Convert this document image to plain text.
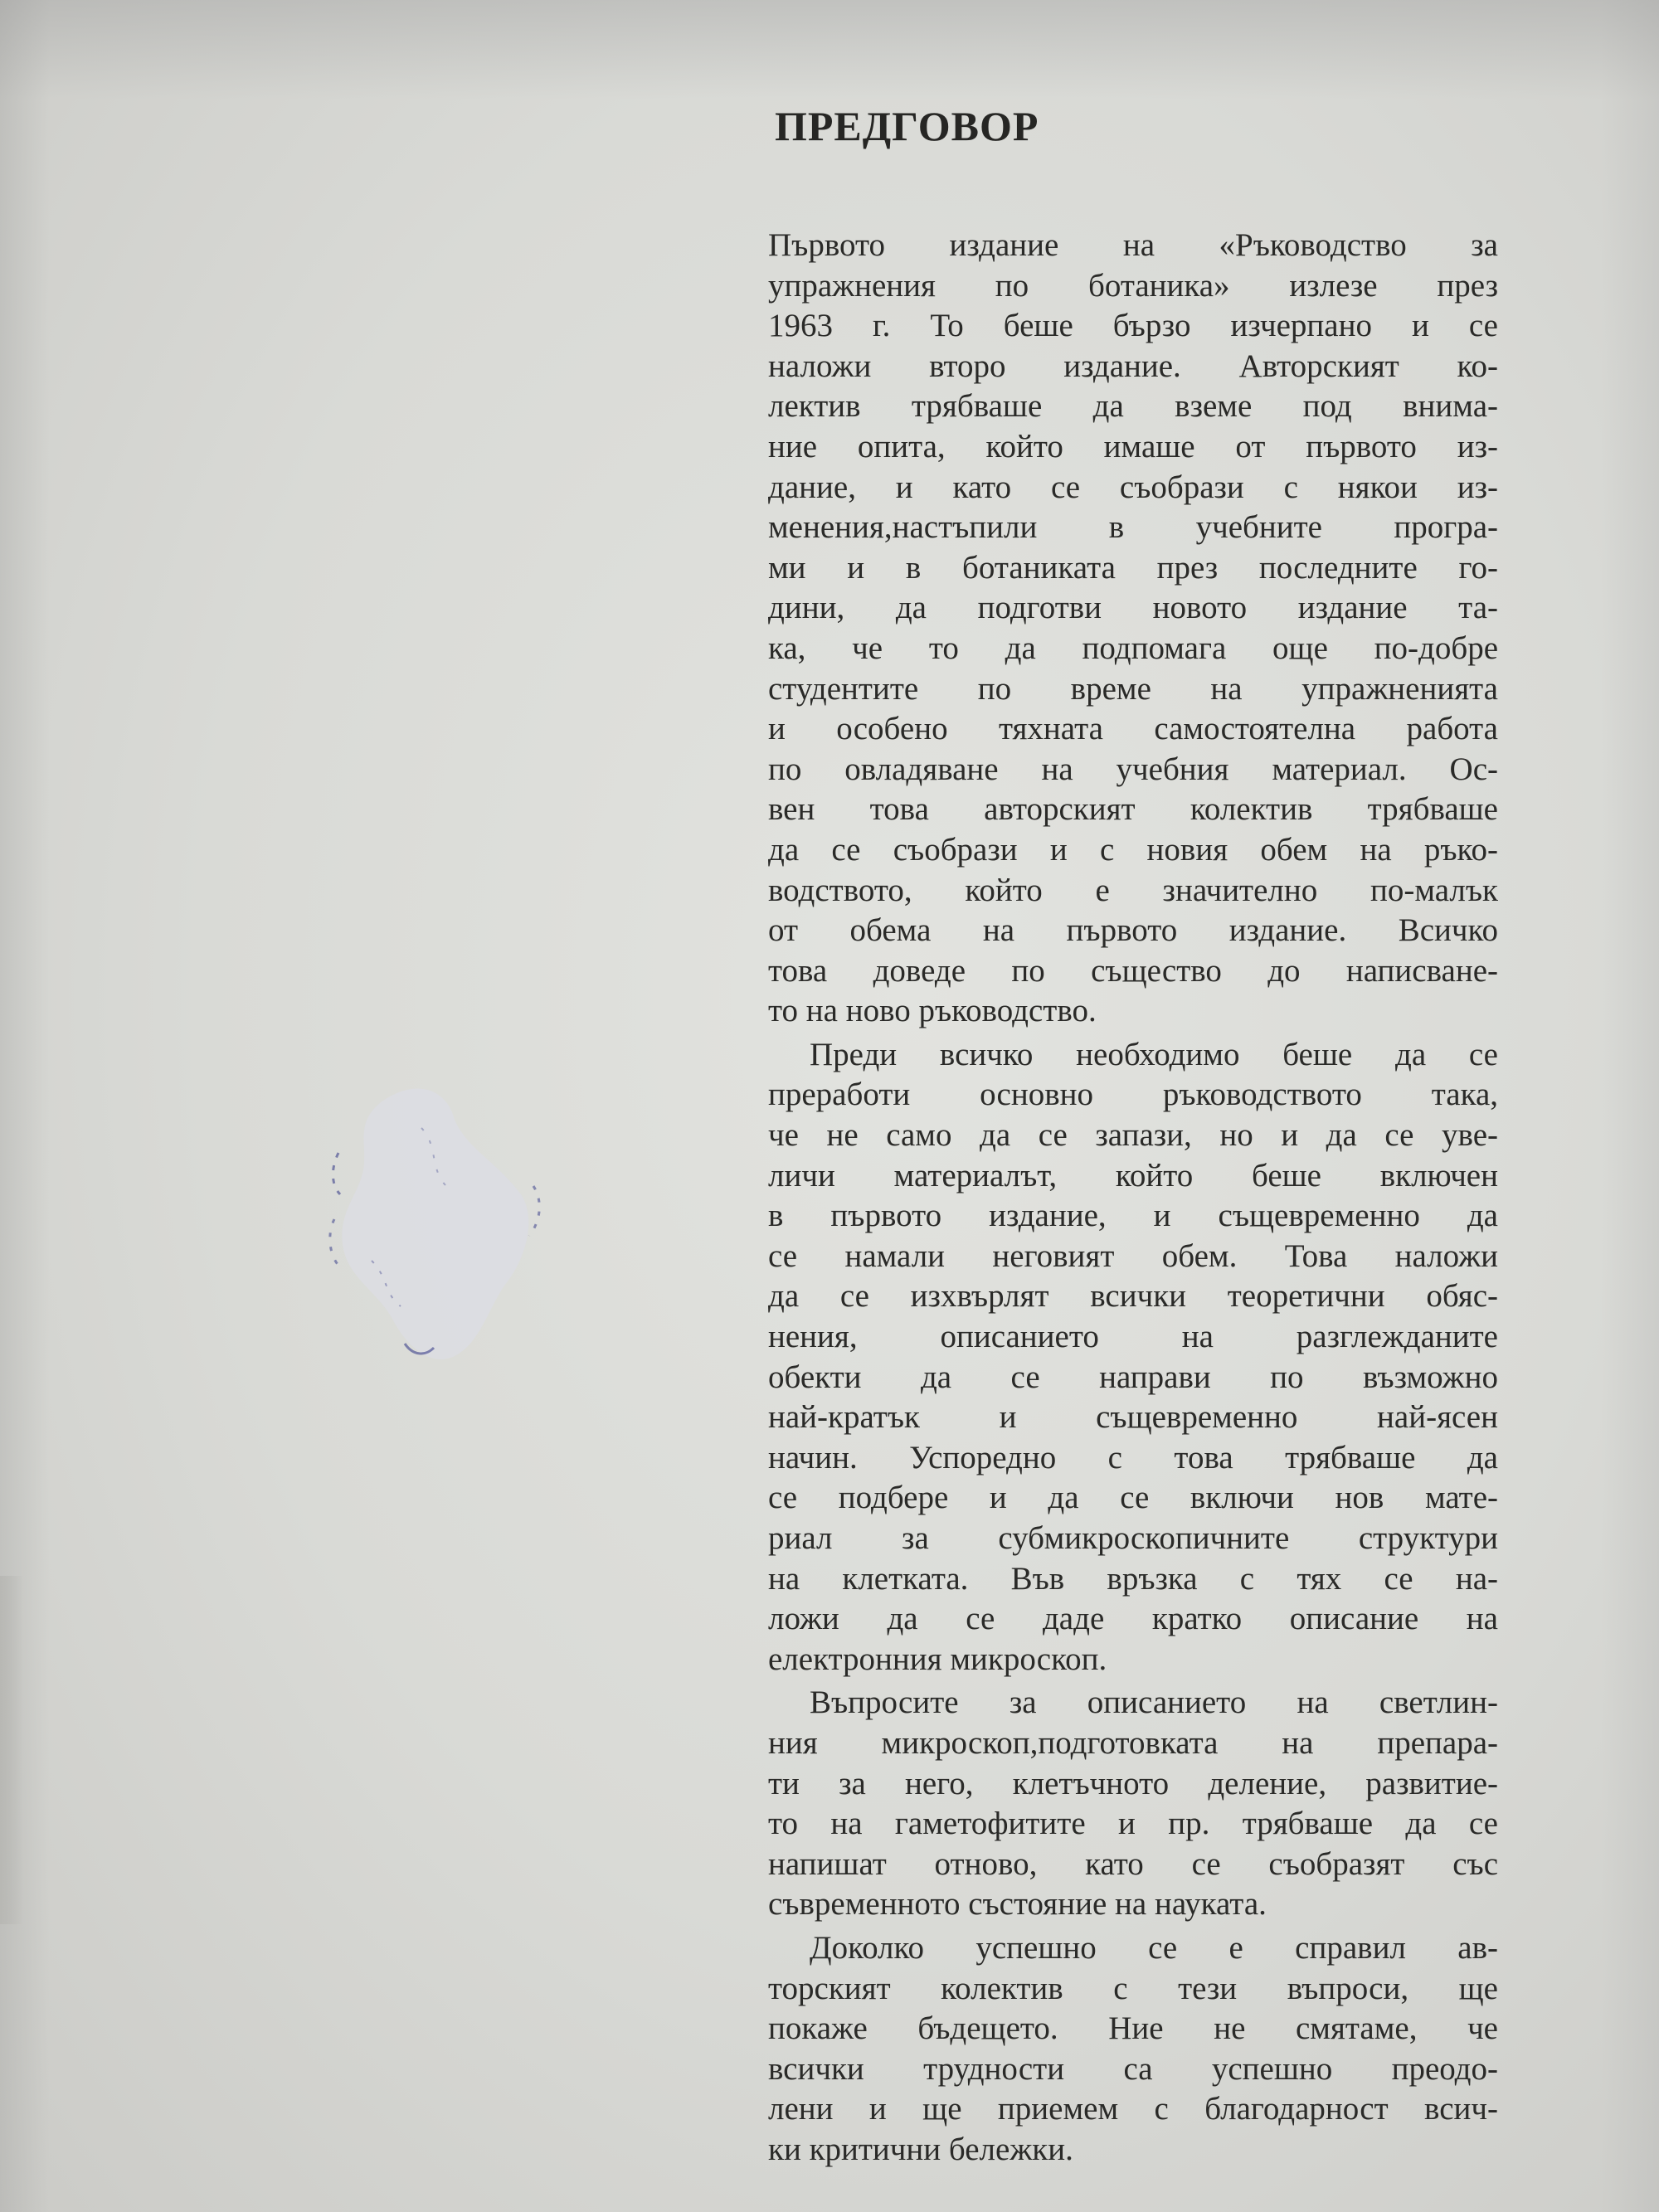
ПРЕДГОВОР

Първото издание на «Ръководство за
упражнения по ботаника» излезе през
1963 г. То беше бързо изчерпано и се
наложи второ издание. Авторският ко-
лектив трябваше да вземе под внима-
ние опита, който имаше от първото из-
дание, и като се съобрази с някои из-
менения,настъпили в учебните програ-
ми и в ботаниката през последните го-
дини, да подготви новото издание та-
ка, че то да подпомага още по-добре
студентите по време на упражненията
и особено тяхната самостоятелна работа
по овладяване на учебния материал. Ос-
вен това авторският колектив трябваше
да се съобрази и с новия обем на ръко-
водството, който е значително по-малък
от обема на първото издание. Всичко
това доведе по същество до написване-
то на ново ръководство.

Преди всичко необходимо беше да се
преработи основно ръководството така,
че не само да се запази, но и да се уве-
личи материалът, който беше включен
в първото издание, и същевременно да
се намали неговият обем. Това наложи
да се изхвърлят всички теоретични обяс-
нения, описанието на разглежданите
обекти да се направи по възможно
най-кратък и същевременно най-ясен
начин. Успоредно с това трябваше да
се подбере и да се включи нов мате-
риал за субмикроскопичните структури
на клетката. Във връзка с тях се на-
ложи да се даде кратко описание на
електронния микроскоп.

Въпросите за описанието на светлин-
ния микроскоп,подготовката на препара-
ти за него, клетъчното деление, развитие-
то на гаметофитите и пр. трябваше да се
напишат отново, като се съобразят със
съвременното състояние на науката.

Доколко успешно се е справил ав-
торският колектив с тези въпроси, ще
покаже бъдещето. Ние не смятаме, че
всички трудности са успешно преодо-
лени и ще приемем с благодарност всич-
ки критични бележки.
